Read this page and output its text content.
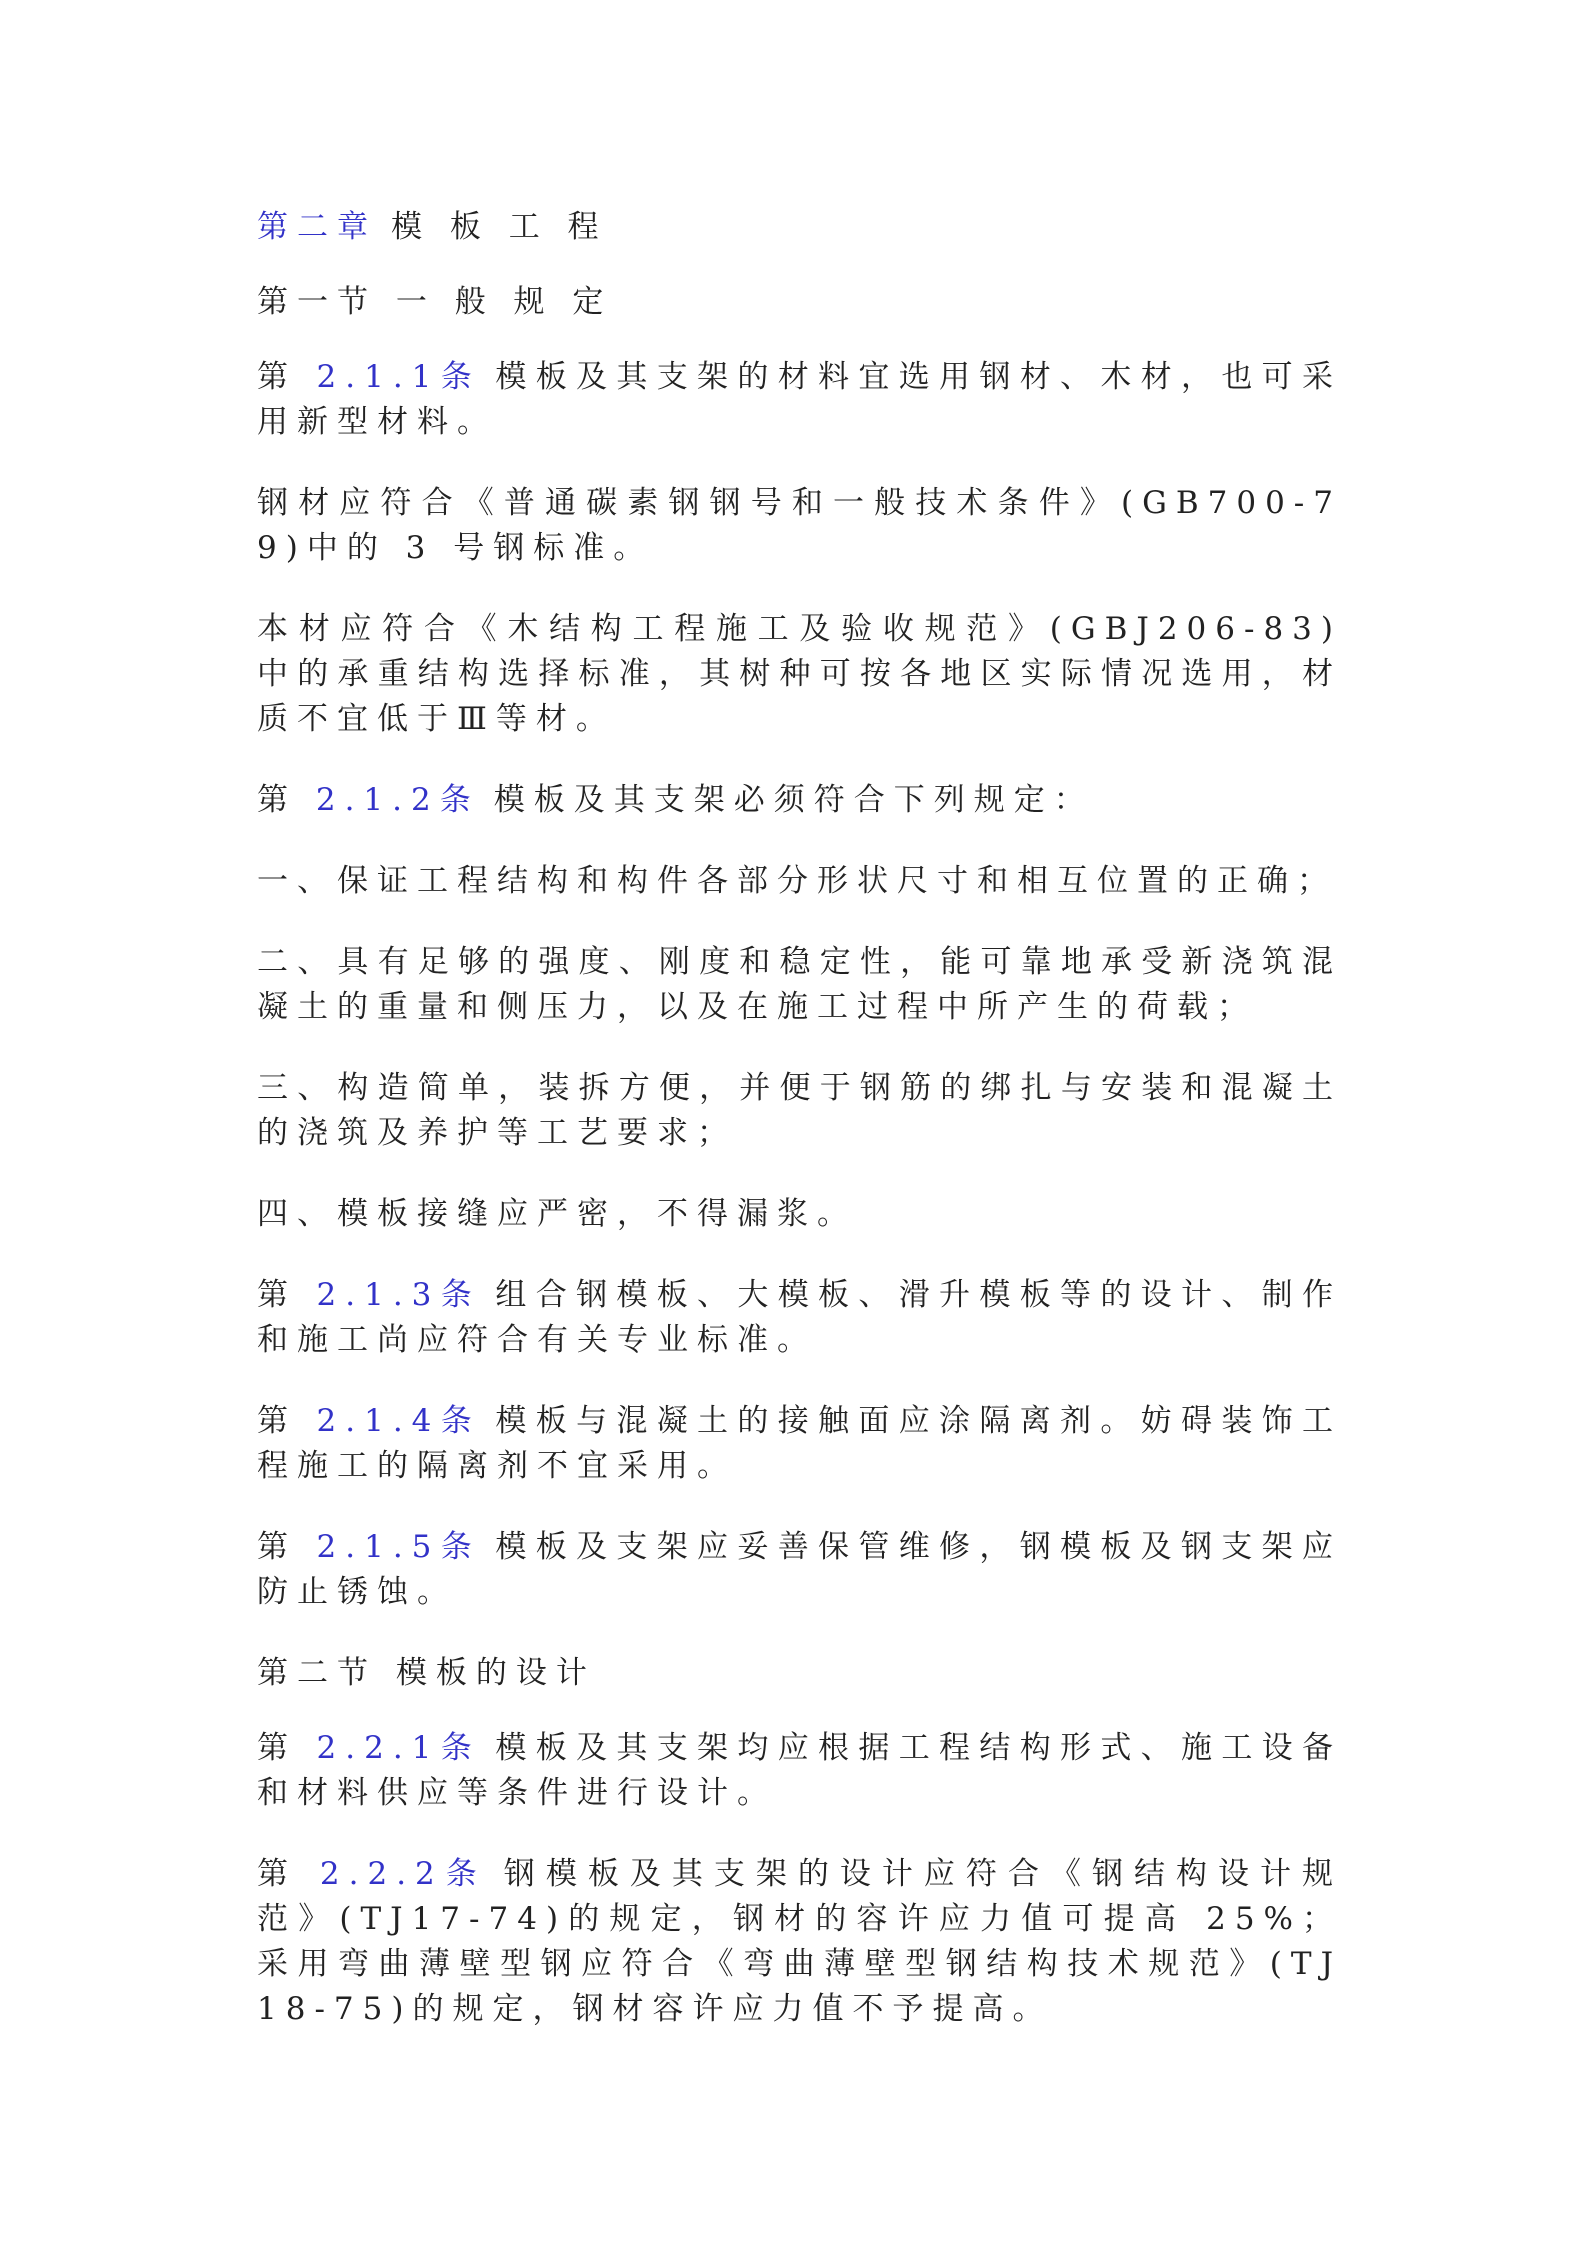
第二章 模 板 工 程

第一节 一 般 规 定

第 2.1.1条 模板及其支架的材料宜选用钢材、木材，也可采用新型材料。

钢材应符合《普通碳素钢钢号和一般技术条件》(GB700-79)中的 3 号钢标准。

本材应符合《木结构工程施工及验收规范》(GBJ206-83)中的承重结构选择标准，其树种可按各地区实际情况选用，材质不宜低于Ⅲ等材。

第 2.1.2条 模板及其支架必须符合下列规定：

一、保证工程结构和构件各部分形状尺寸和相互位置的正确；

二、具有足够的强度、刚度和稳定性，能可靠地承受新浇筑混凝土的重量和侧压力，以及在施工过程中所产生的荷载；

三、构造简单，装拆方便，并便于钢筋的绑扎与安装和混凝土的浇筑及养护等工艺要求；

四、模板接缝应严密，不得漏浆。

第 2.1.3条 组合钢模板、大模板、滑升模板等的设计、制作和施工尚应符合有关专业标准。

第 2.1.4条 模板与混凝土的接触面应涂隔离剂。妨碍装饰工程施工的隔离剂不宜采用。

第 2.1.5条 模板及支架应妥善保管维修，钢模板及钢支架应防止锈蚀。

第二节 模板的设计

第 2.2.1条 模板及其支架均应根据工程结构形式、施工设备和材料供应等条件进行设计。

第 2.2.2条 钢模板及其支架的设计应符合《钢结构设计规范》(TJ17-74)的规定，钢材的容许应力值可提高 25%；采用弯曲薄壁型钢应符合《弯曲薄壁型钢结构技术规范》(TJ18-75)的规定，钢材容许应力值不予提高。
